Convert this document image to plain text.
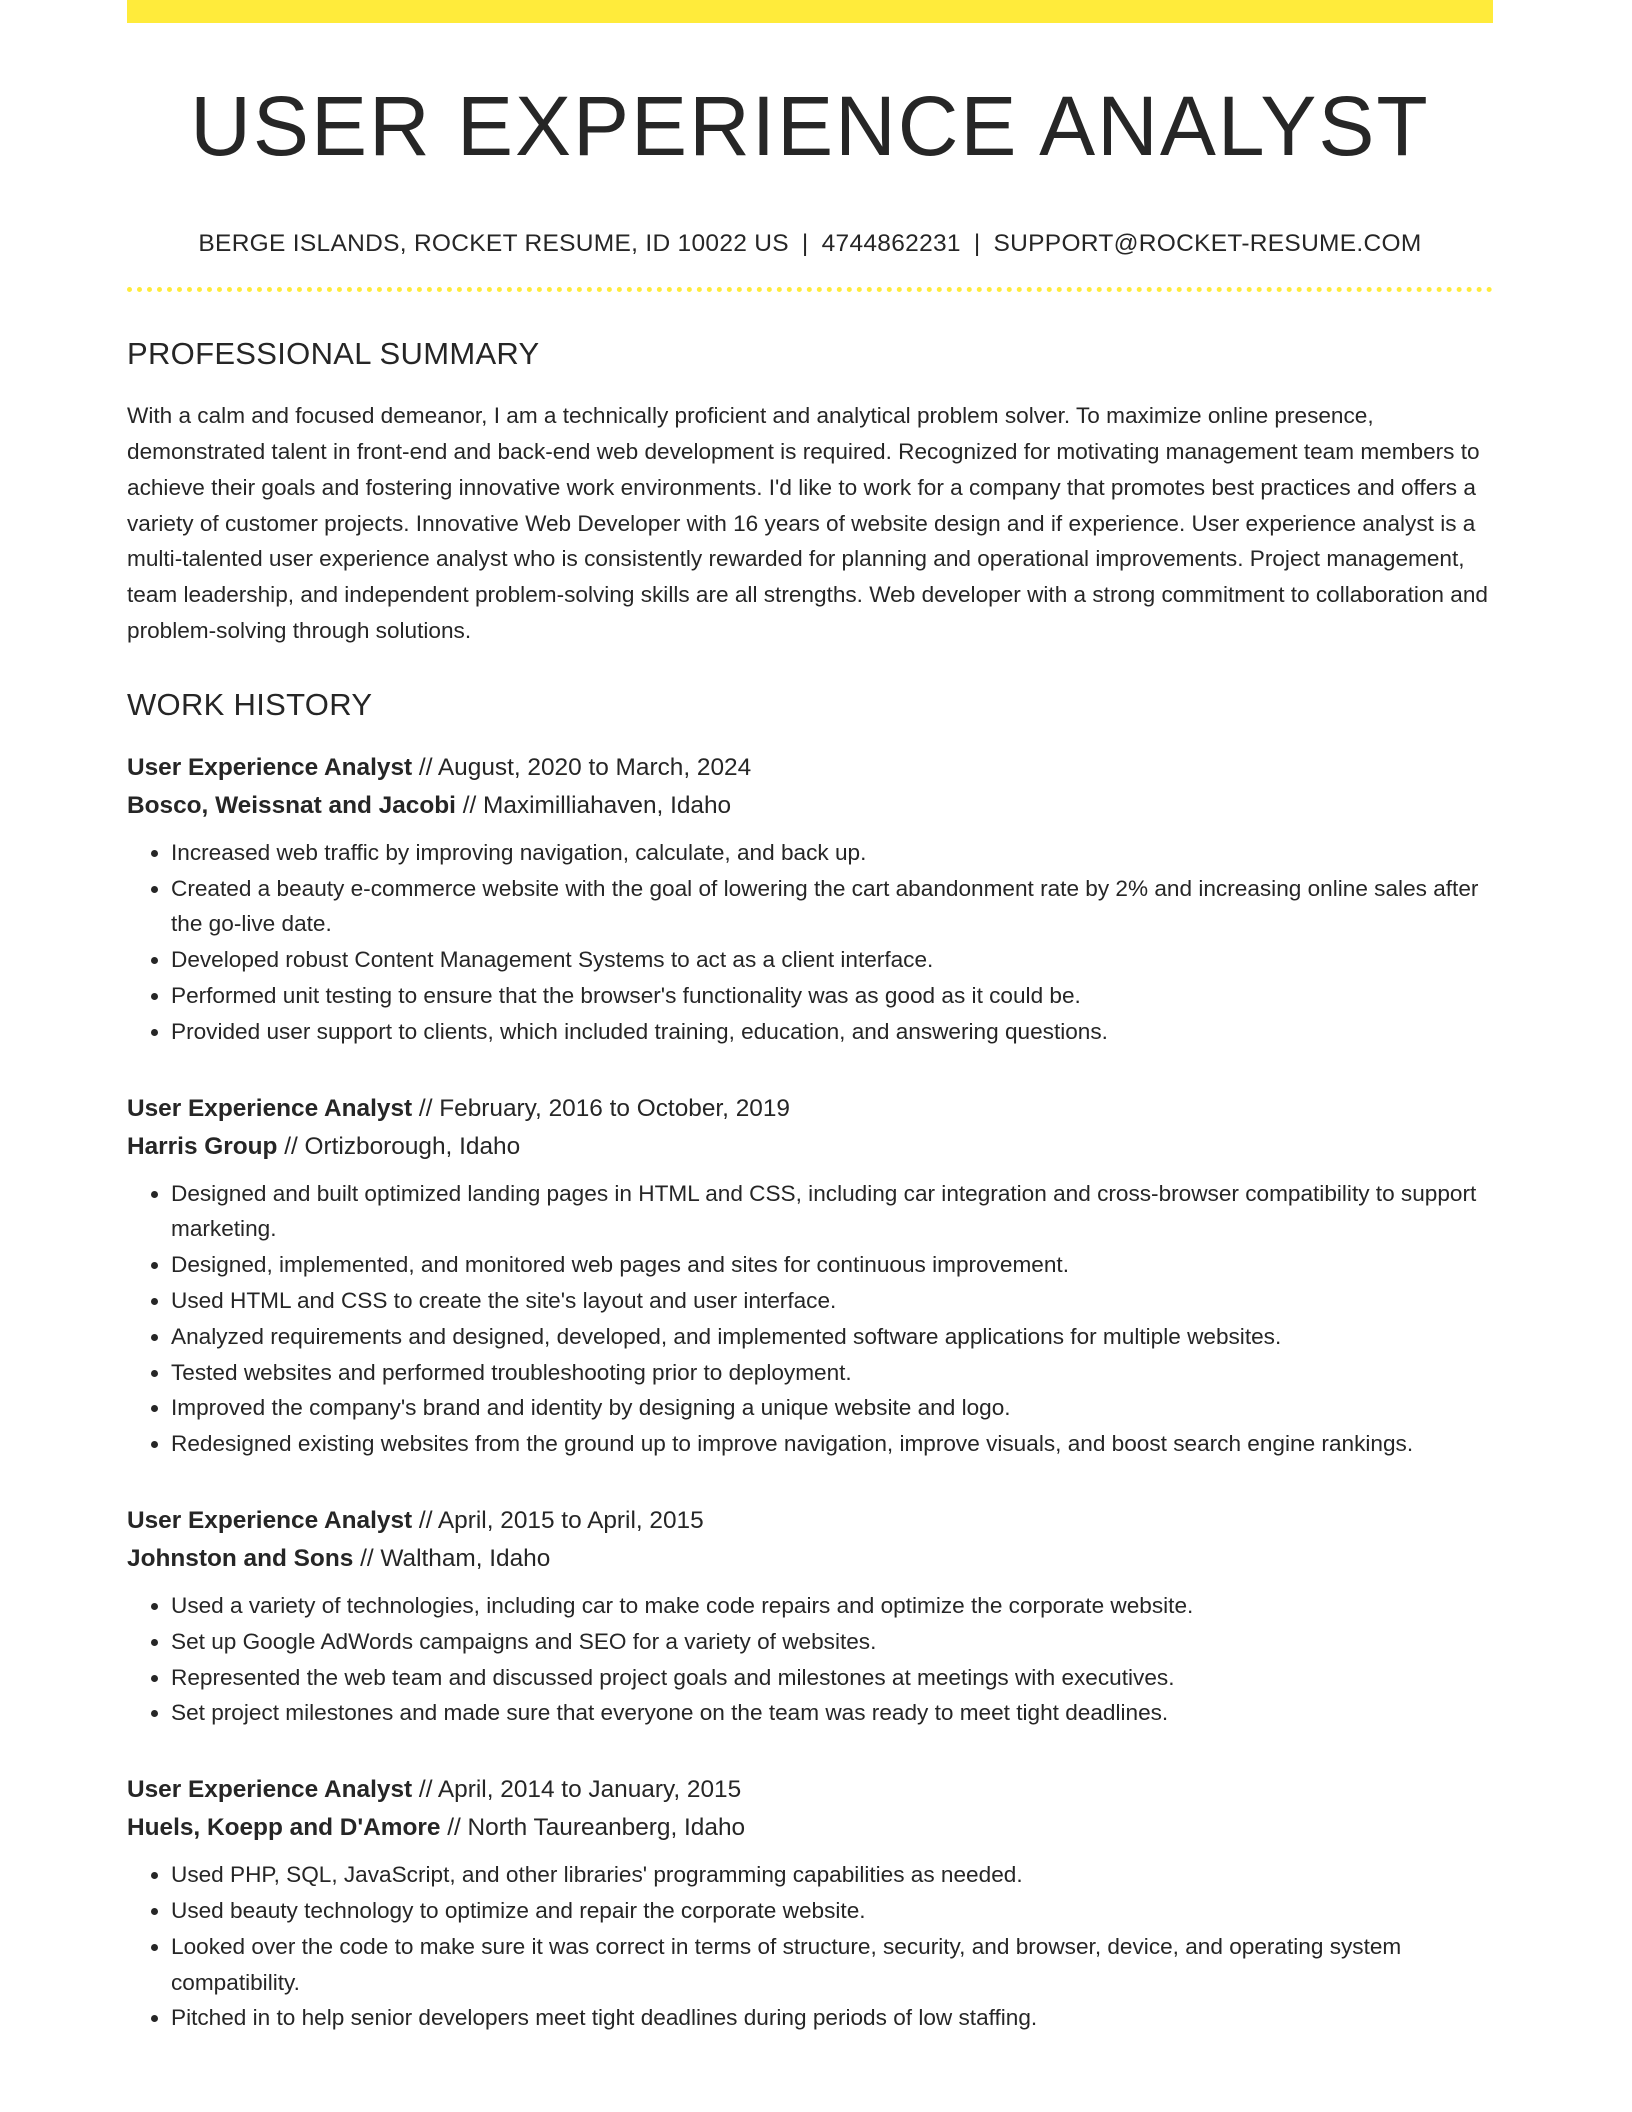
USER EXPERIENCE ANALYST
BERGE ISLANDS, ROCKET RESUME, ID 10022 US | 4744862231 | SUPPORT@ROCKET-RESUME.COM
PROFESSIONAL SUMMARY
With a calm and focused demeanor, I am a technically proficient and analytical problem solver. To maximize online presence, demonstrated talent in front-end and back-end web development is required. Recognized for motivating management team members to achieve their goals and fostering innovative work environments. I'd like to work for a company that promotes best practices and offers a variety of customer projects. Innovative Web Developer with 16 years of website design and if experience. User experience analyst is a multi-talented user experience analyst who is consistently rewarded for planning and operational improvements. Project management, team leadership, and independent problem-solving skills are all strengths. Web developer with a strong commitment to collaboration and problem-solving through solutions.
WORK HISTORY
User Experience Analyst // August, 2020 to March, 2024
Bosco, Weissnat and Jacobi // Maximilliahaven, Idaho
• Increased web traffic by improving navigation, calculate, and back up.
• Created a beauty e-commerce website with the goal of lowering the cart abandonment rate by 2% and increasing online sales after the go-live date.
• Developed robust Content Management Systems to act as a client interface.
• Performed unit testing to ensure that the browser's functionality was as good as it could be.
• Provided user support to clients, which included training, education, and answering questions.
User Experience Analyst // February, 2016 to October, 2019
Harris Group // Ortizborough, Idaho
• Designed and built optimized landing pages in HTML and CSS, including car integration and cross-browser compatibility to support marketing.
• Designed, implemented, and monitored web pages and sites for continuous improvement.
• Used HTML and CSS to create the site's layout and user interface.
• Analyzed requirements and designed, developed, and implemented software applications for multiple websites.
• Tested websites and performed troubleshooting prior to deployment.
• Improved the company's brand and identity by designing a unique website and logo.
• Redesigned existing websites from the ground up to improve navigation, improve visuals, and boost search engine rankings.
User Experience Analyst // April, 2015 to April, 2015
Johnston and Sons // Waltham, Idaho
• Used a variety of technologies, including car to make code repairs and optimize the corporate website.
• Set up Google AdWords campaigns and SEO for a variety of websites.
• Represented the web team and discussed project goals and milestones at meetings with executives.
• Set project milestones and made sure that everyone on the team was ready to meet tight deadlines.
User Experience Analyst // April, 2014 to January, 2015
Huels, Koepp and D'Amore // North Taureanberg, Idaho
• Used PHP, SQL, JavaScript, and other libraries' programming capabilities as needed.
• Used beauty technology to optimize and repair the corporate website.
• Looked over the code to make sure it was correct in terms of structure, security, and browser, device, and operating system compatibility.
• Pitched in to help senior developers meet tight deadlines during periods of low staffing.
